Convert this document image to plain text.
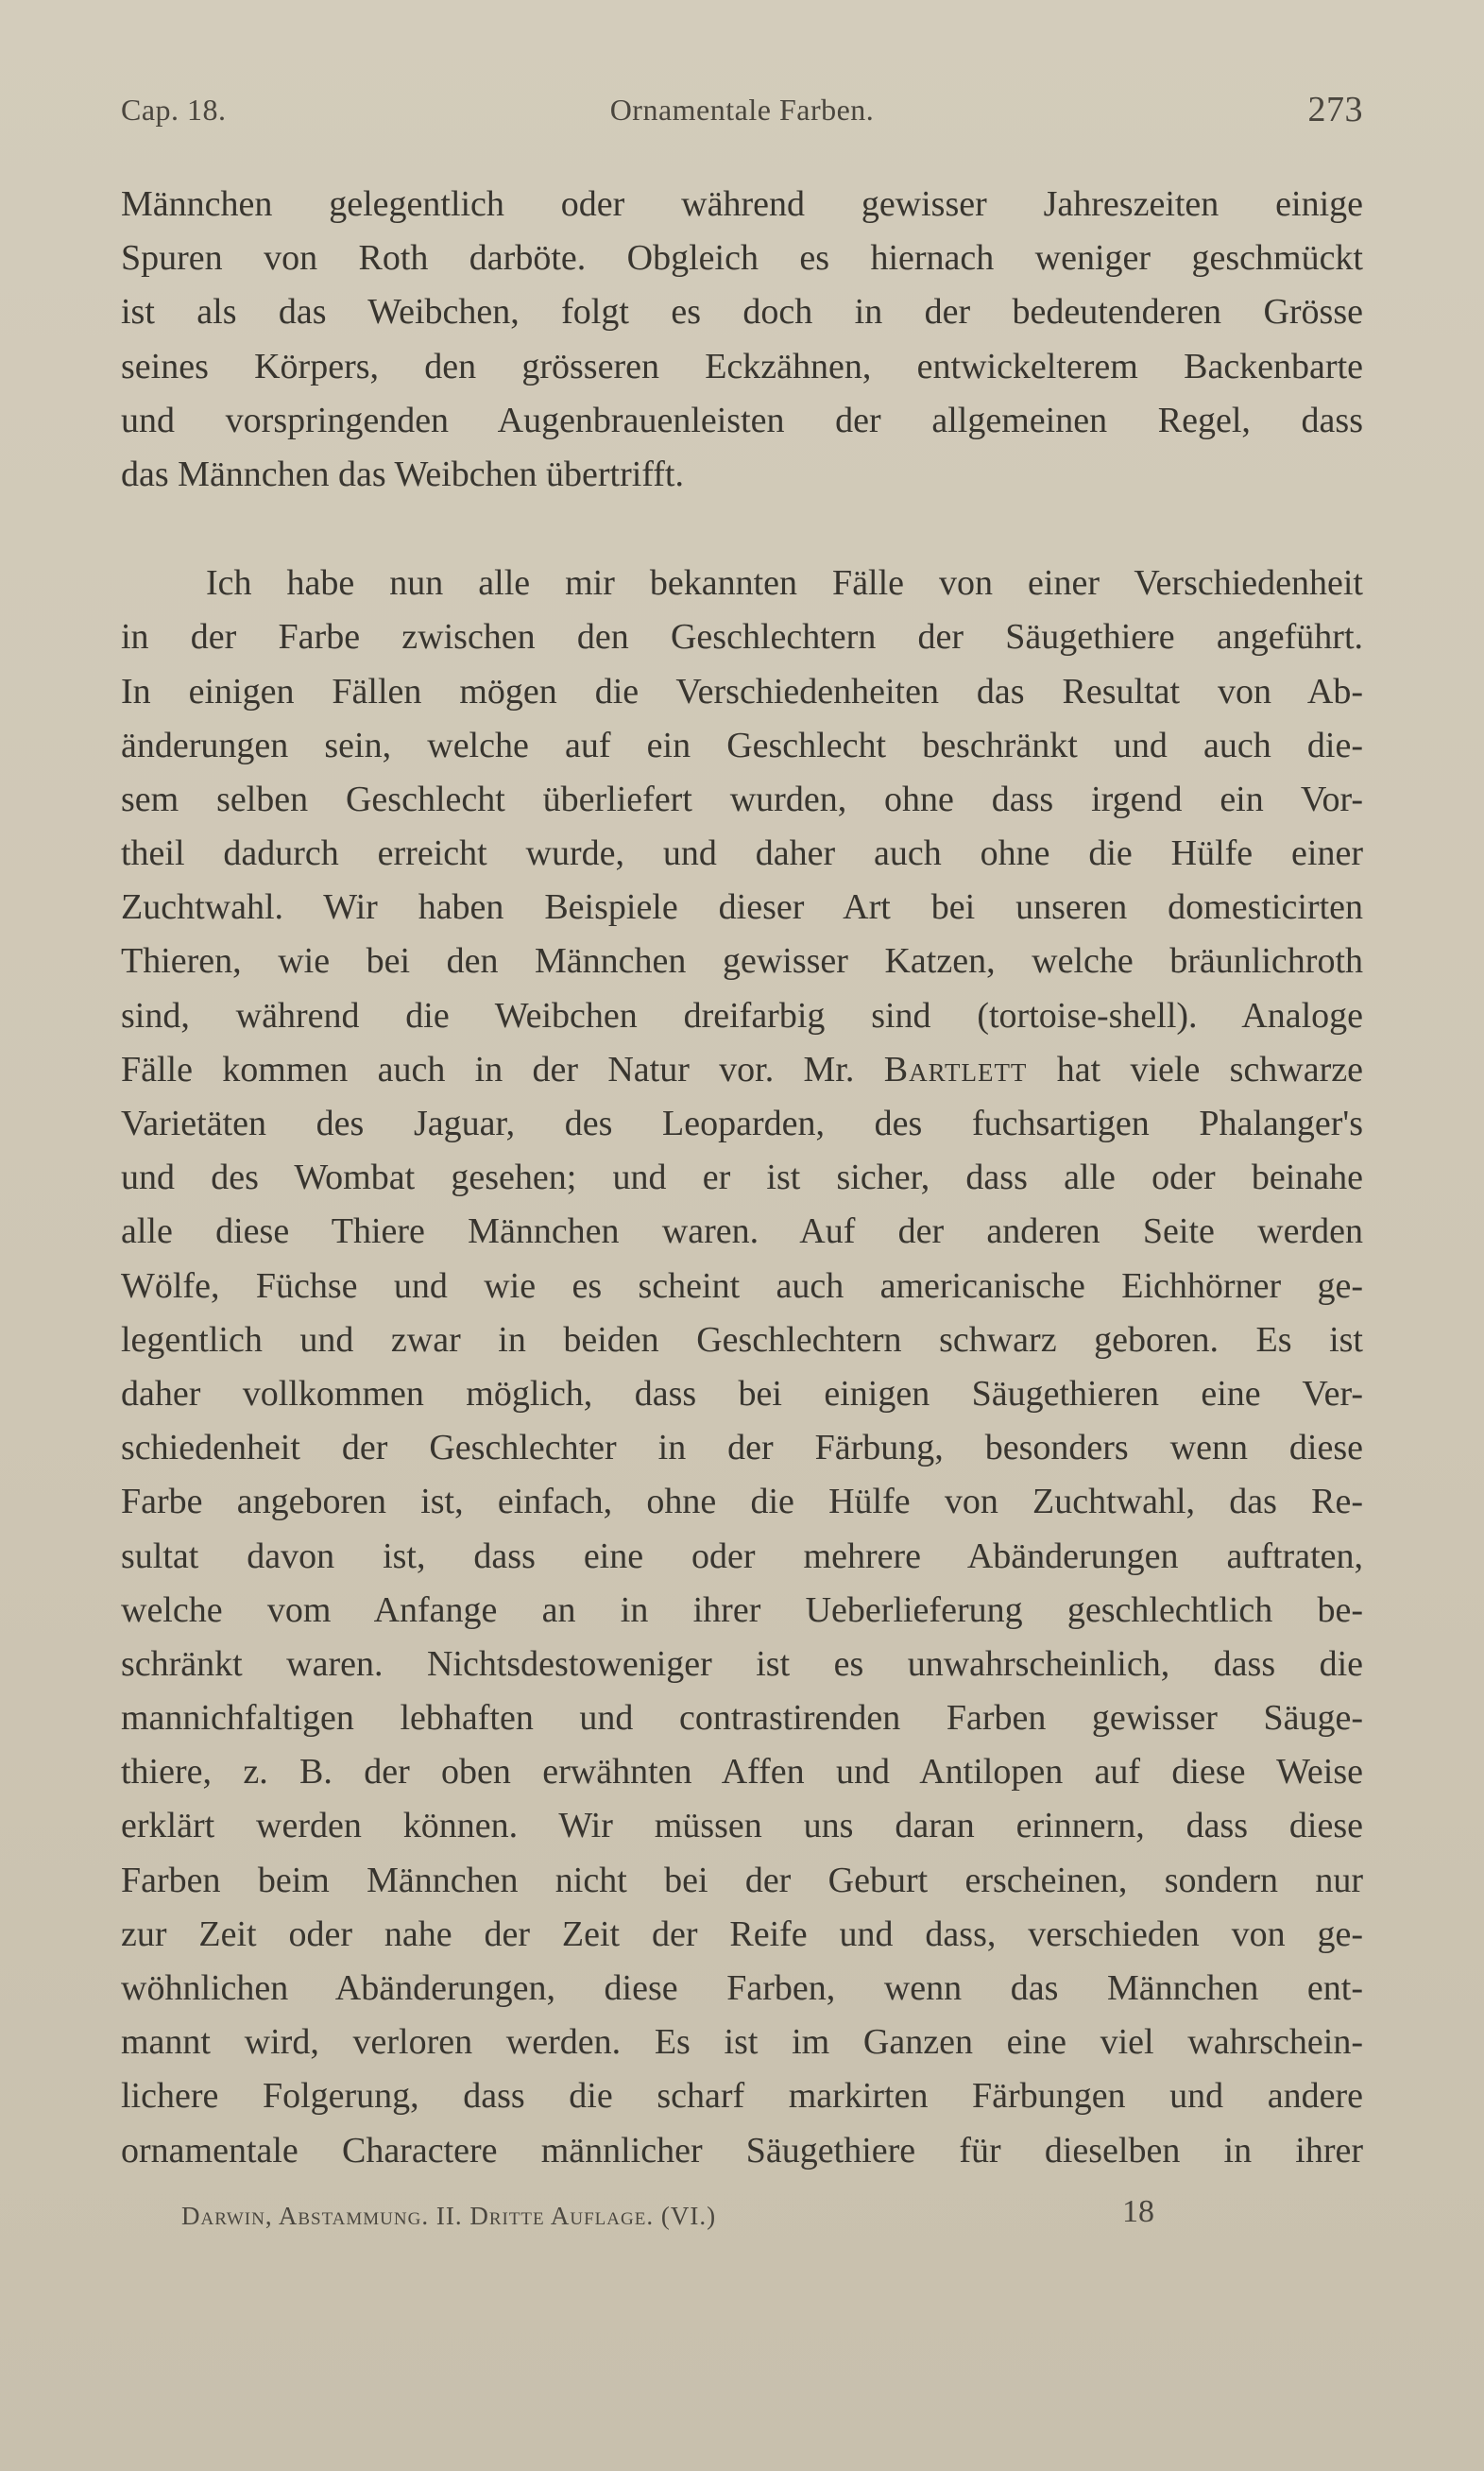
Cap. 18.	Ornamentale Farben.	273
Männchen gelegentlich oder während gewisser Jahreszeiten einige
Spuren von Roth darböte. Obgleich es hiernach weniger geschmückt
ist als das Weibchen, folgt es doch in der bedeutenderen Grösse
seines Körpers, den grösseren Eckzähnen, entwickelterem Backenbarte
und vorspringenden Augenbrauenleisten der allgemeinen Regel, dass
das Männchen das Weibchen übertrifft.
Ich habe nun alle mir bekannten Fälle von einer Verschiedenheit
in der Farbe zwischen den Geschlechtern der Säugethiere angeführt.
In einigen Fällen mögen die Verschiedenheiten das Resultat von Ab-
änderungen sein, welche auf ein Geschlecht beschränkt und auch die-
sem selben Geschlecht überliefert wurden, ohne dass irgend ein Vor-
theil dadurch erreicht wurde, und daher auch ohne die Hülfe einer
Zuchtwahl. Wir haben Beispiele dieser Art bei unseren domesticirten
Thieren, wie bei den Männchen gewisser Katzen, welche bräunlichroth
sind, während die Weibchen dreifarbig sind (tortoise-shell). Analoge
Fälle kommen auch in der Natur vor. Mr. Bartlett hat viele schwarze
Varietäten des Jaguar, des Leoparden, des fuchsartigen Phalanger's
und des Wombat gesehen; und er ist sicher, dass alle oder beinahe
alle diese Thiere Männchen waren. Auf der anderen Seite werden
Wölfe, Füchse und wie es scheint auch americanische Eichhörner ge-
legentlich und zwar in beiden Geschlechtern schwarz geboren. Es ist
daher vollkommen möglich, dass bei einigen Säugethieren eine Ver-
schiedenheit der Geschlechter in der Färbung, besonders wenn diese
Farbe angeboren ist, einfach, ohne die Hülfe von Zuchtwahl, das Re-
sultat davon ist, dass eine oder mehrere Abänderungen auftraten,
welche vom Anfange an in ihrer Ueberlieferung geschlechtlich be-
schränkt waren. Nichtsdestoweniger ist es unwahrscheinlich, dass die
mannichfaltigen lebhaften und contrastirenden Farben gewisser Säuge-
thiere, z. B. der oben erwähnten Affen und Antilopen auf diese Weise
erklärt werden können. Wir müssen uns daran erinnern, dass diese
Farben beim Männchen nicht bei der Geburt erscheinen, sondern nur
zur Zeit oder nahe der Zeit der Reife und dass, verschieden von ge-
wöhnlichen Abänderungen, diese Farben, wenn das Männchen ent-
mannt wird, verloren werden. Es ist im Ganzen eine viel wahrschein-
lichere Folgerung, dass die scharf markirten Färbungen und andere
ornamentale Charactere männlicher Säugethiere für dieselben in ihrer
Darwin, Abstammung. II. Dritte Auflage. (VI.)	18
